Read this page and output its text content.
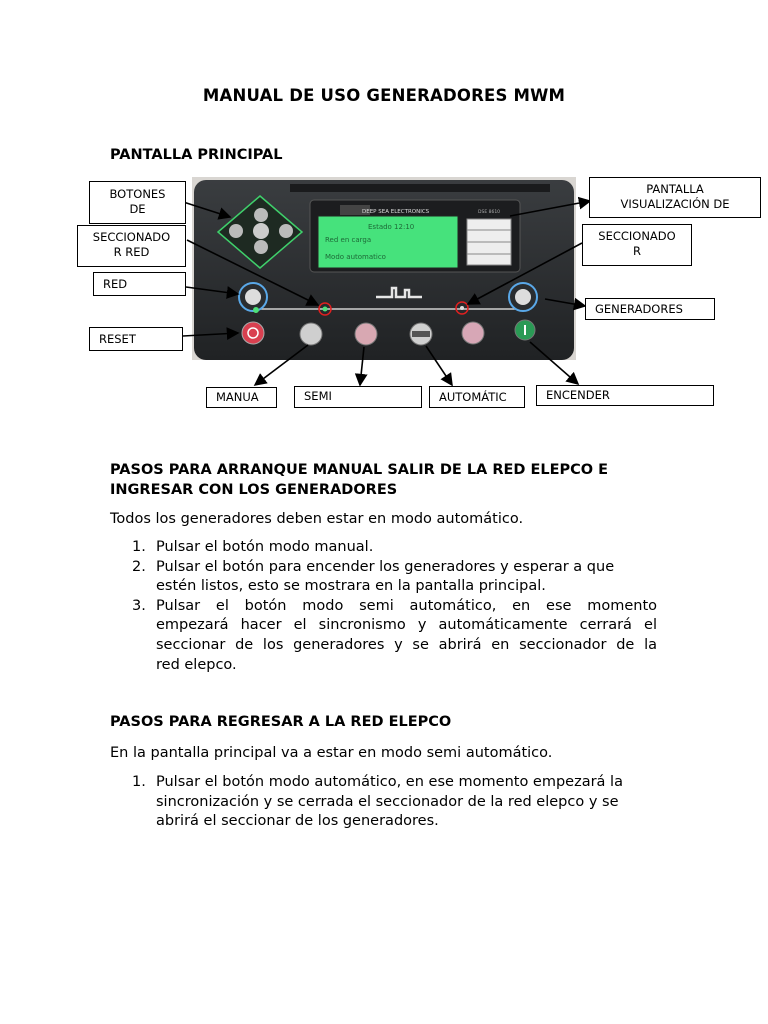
MANUAL DE USO GENERADORES MWM
PANTALLA PRINCIPAL
DEEP SEA ELECTRONICS	DSE 8610
Estado 12:10
Red en carga
Modo automatico
BOTONES
DE
SECCIONADO
R RED
RED
RESET
PANTALLA
VISUALIZACIÓN DE
SECCIONADO
R
GENERADORES
MANUA	SEMI	AUTOMÁTIC	ENCENDER
PASOS PARA ARRANQUE MANUAL SALIR DE LA RED ELEPCO E
INGRESAR CON LOS GENERADORES
Todos los generadores deben estar en modo automático.
1. Pulsar el botón modo manual.
2. Pulsar el botón para encender los generadores y esperar a que
estén listos, esto se mostrara en la pantalla principal.
3. Pulsar el botón modo semi automático, en ese momento
empezará hacer el sincronismo y automáticamente cerrará el
seccionar de los generadores y se abrirá en seccionador de la
red elepco.
PASOS PARA REGRESAR A LA RED ELEPCO
En la pantalla principal va a estar en modo semi automático.
1. Pulsar el botón modo automático, en ese momento empezará la
sincronización y se cerrada el seccionador de la red elepco y se
abrirá el seccionar de los generadores.
